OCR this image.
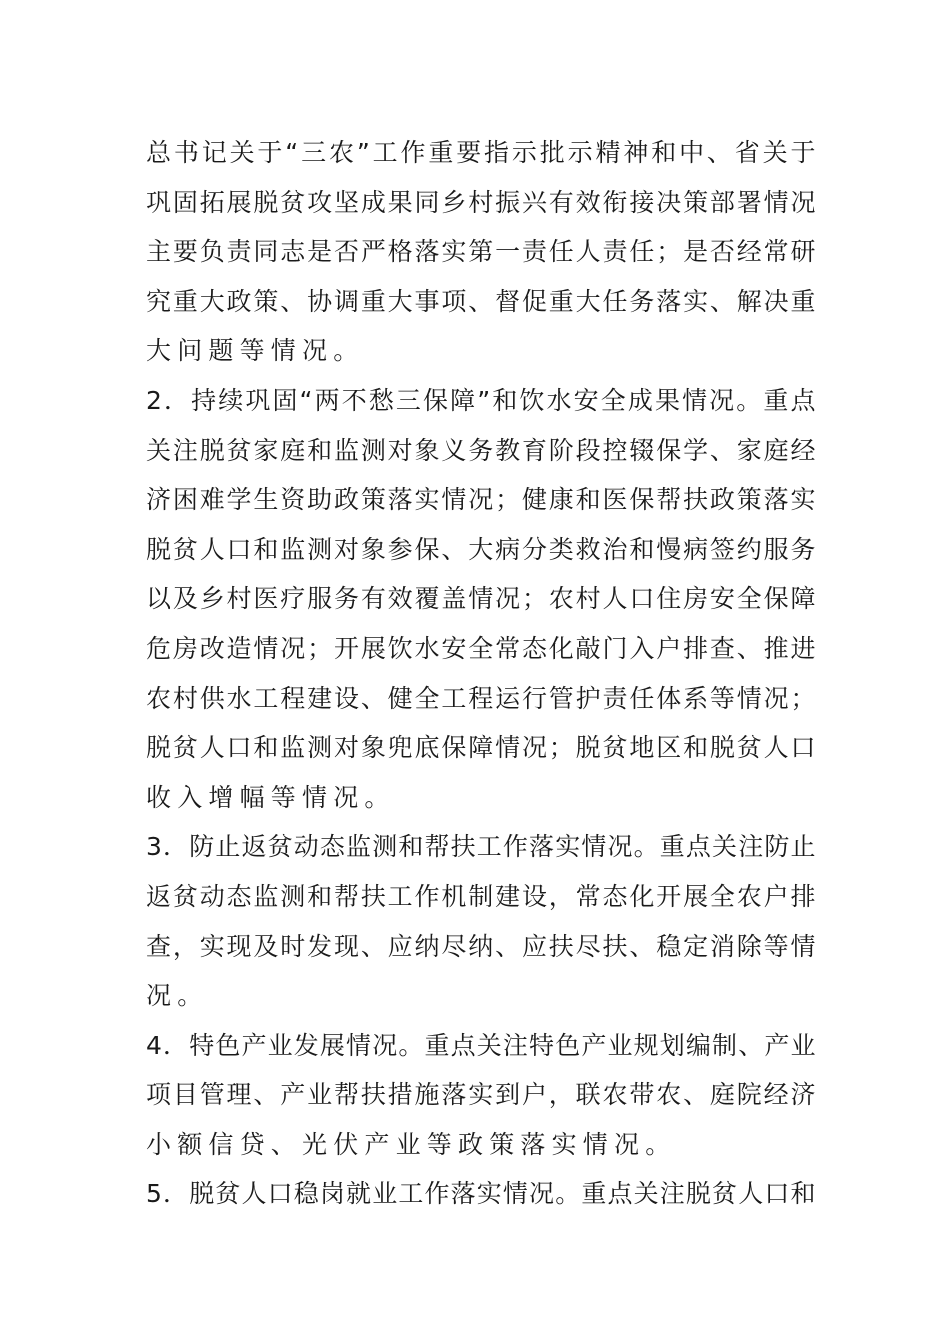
总书记关于“三农”工作重要指示批示精神和中、省关于
巩固拓展脱贫攻坚成果同乡村振兴有效衔接决策部署情况
主要负责同志是否严格落实第一责任人责任；是否经常研
究重大政策、协调重大事项、督促重大任务落实、解决重
大问题等情况。
2．持续巩固“两不愁三保障”和饮水安全成果情况。重点
关注脱贫家庭和监测对象义务教育阶段控辍保学、家庭经
济困难学生资助政策落实情况；健康和医保帮扶政策落实
脱贫人口和监测对象参保、大病分类救治和慢病签约服务
以及乡村医疗服务有效覆盖情况；农村人口住房安全保障
危房改造情况；开展饮水安全常态化敲门入户排查、推进
农村供水工程建设、健全工程运行管护责任体系等情况；
脱贫人口和监测对象兜底保障情况；脱贫地区和脱贫人口
收入增幅等情况。
3．防止返贫动态监测和帮扶工作落实情况。重点关注防止
返贫动态监测和帮扶工作机制建设，常态化开展全农户排
查，实现及时发现、应纳尽纳、应扶尽扶、稳定消除等情
况。
4．特色产业发展情况。重点关注特色产业规划编制、产业
项目管理、产业帮扶措施落实到户，联农带农、庭院经济
小额信贷、光伏产业等政策落实情况。
5．脱贫人口稳岗就业工作落实情况。重点关注脱贫人口和
